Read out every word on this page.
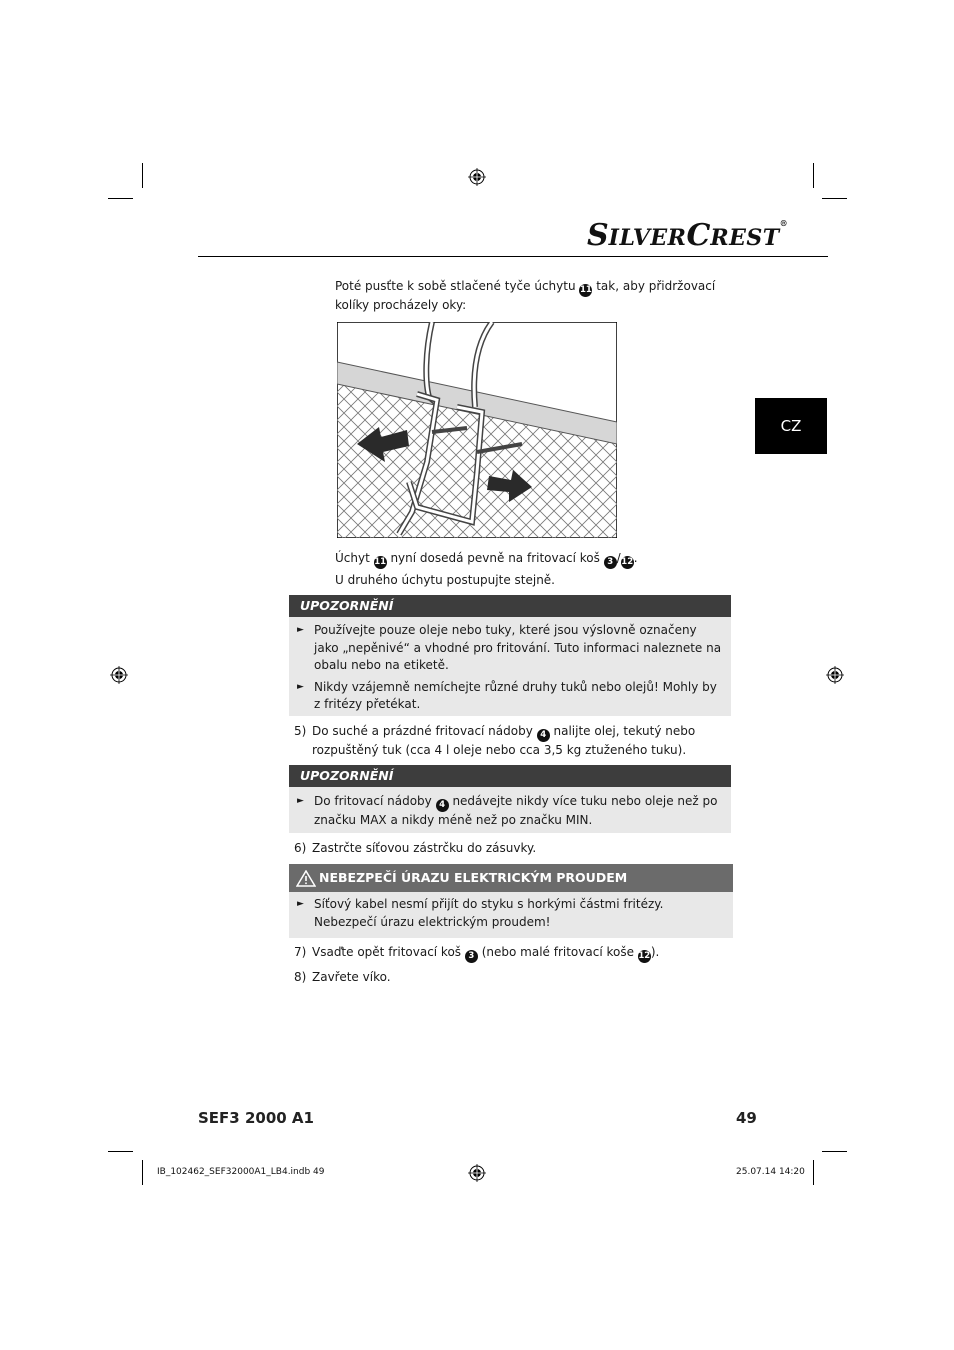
SILVERCREST®
CZ
Poté pusťte k sobě stlačené tyče úchytu 11 tak, aby přidržovací kolíky procházely oky:
Úchyt 11 nyní dosedá pevně na fritovací koš 3 /12.
U druhého úchytu postupujte stejně.
UPOZORNĚNÍ
► Používejte pouze oleje nebo tuky, které jsou výslovně označeny jako „nepěnivé“ a vhodné pro fritování. Tuto informaci naleznete na obalu nebo na etiketě.
► Nikdy vzájemně nemíchejte různé druhy tuků nebo olejů! Mohly by z fritézy přetékat.
5) Do suché a prázdné fritovací nádoby 4 nalijte olej, tekutý nebo rozpuštěný tuk (cca 4 l oleje nebo cca 3,5 kg ztuženého tuku).
UPOZORNĚNÍ
► Do fritovací nádoby 4 nedávejte nikdy více tuku nebo oleje než po značku MAX a nikdy méně než po značku MIN.
6) Zastrčte síťovou zástrčku do zásuvky.
NEBEZPEČÍ ÚRAZU ELEKTRICKÝM PROUDEM
► Síťový kabel nesmí přijít do styku s horkými částmi fritézy. Nebezpečí úrazu elektrickým proudem!
7) Vsaďte opět fritovací koš 3 (nebo malé fritovací koše 12).
8) Zavřete víko.
SEF3 2000 A1	49
IB_102462_SEF32000A1_LB4.indb 49	25.07.14 14:20
